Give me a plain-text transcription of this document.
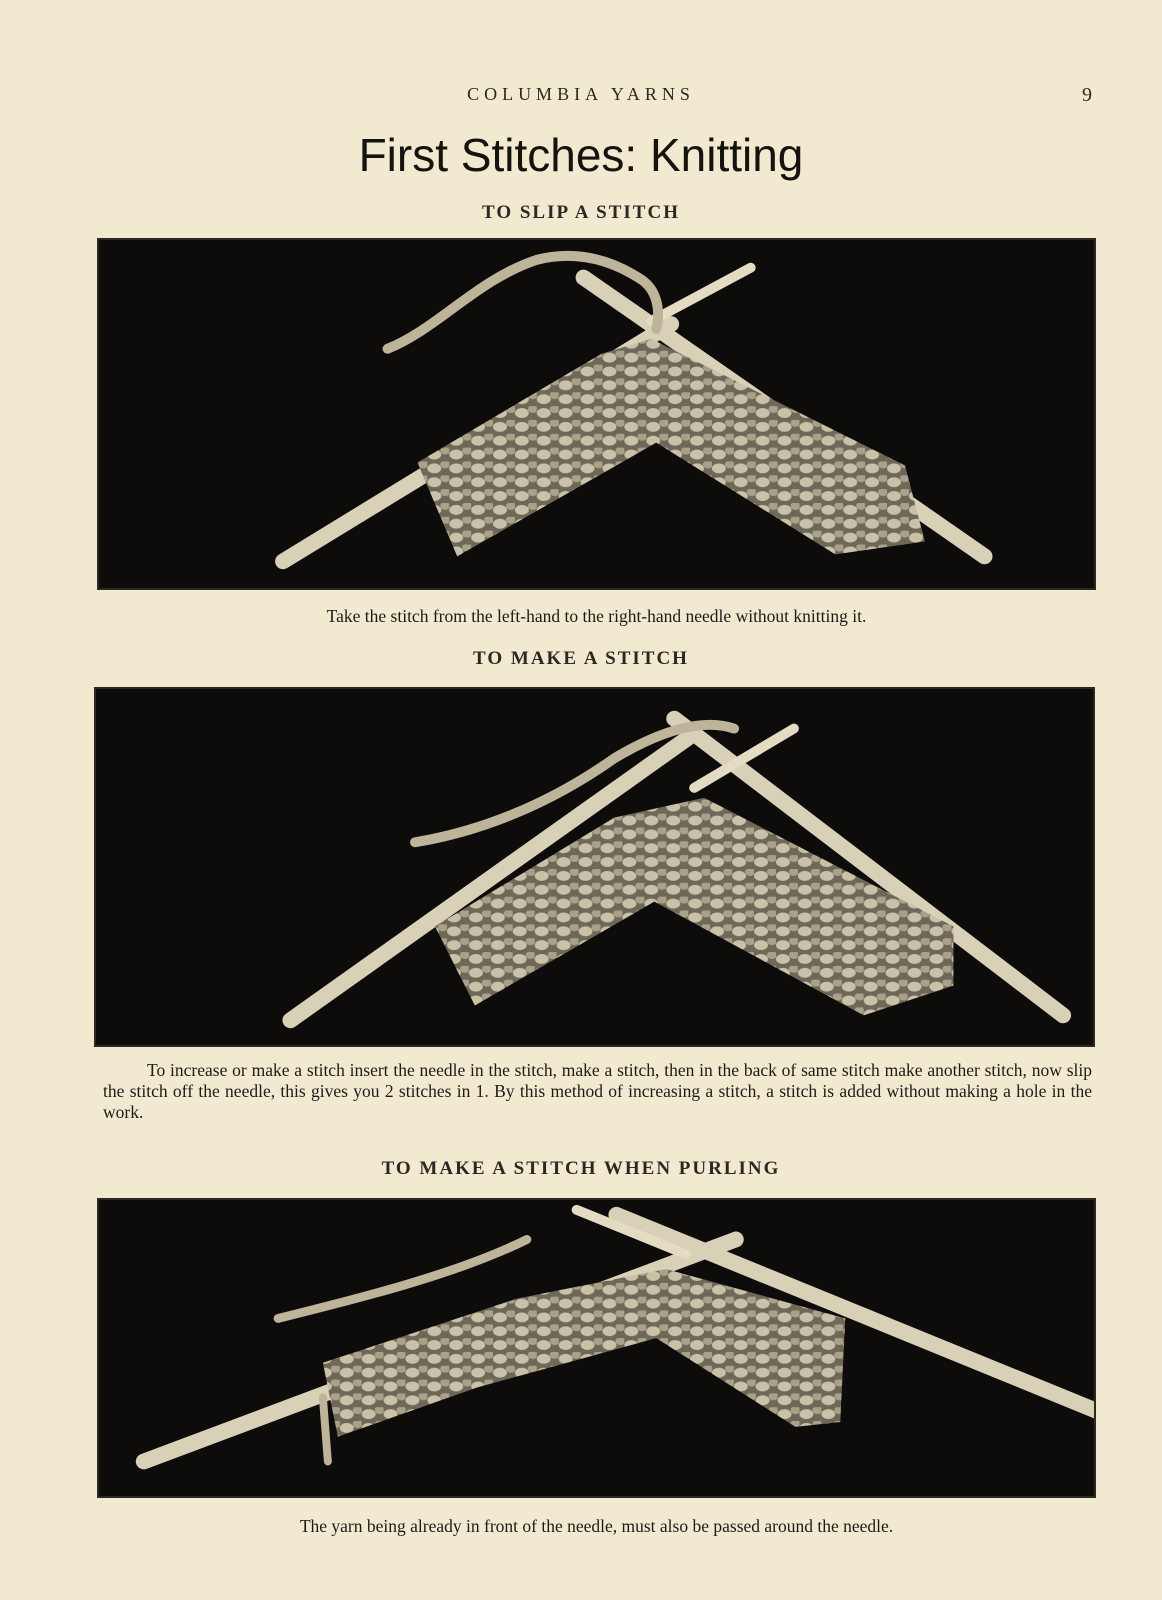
COLUMBIA YARNS	9
First Stitches: Knitting
TO SLIP A STITCH

Take the stitch from the left-hand to the right-hand needle without knitting it.

TO MAKE A STITCH

To increase or make a stitch insert the needle in the stitch, make a stitch, then in the back of same stitch make another stitch, now slip the stitch off the needle, this gives you 2 stitches in 1. By this method of increasing a stitch, a stitch is added without making a hole in the work.

TO MAKE A STITCH WHEN PURLING

The yarn being already in front of the needle, must also be passed around the needle.
